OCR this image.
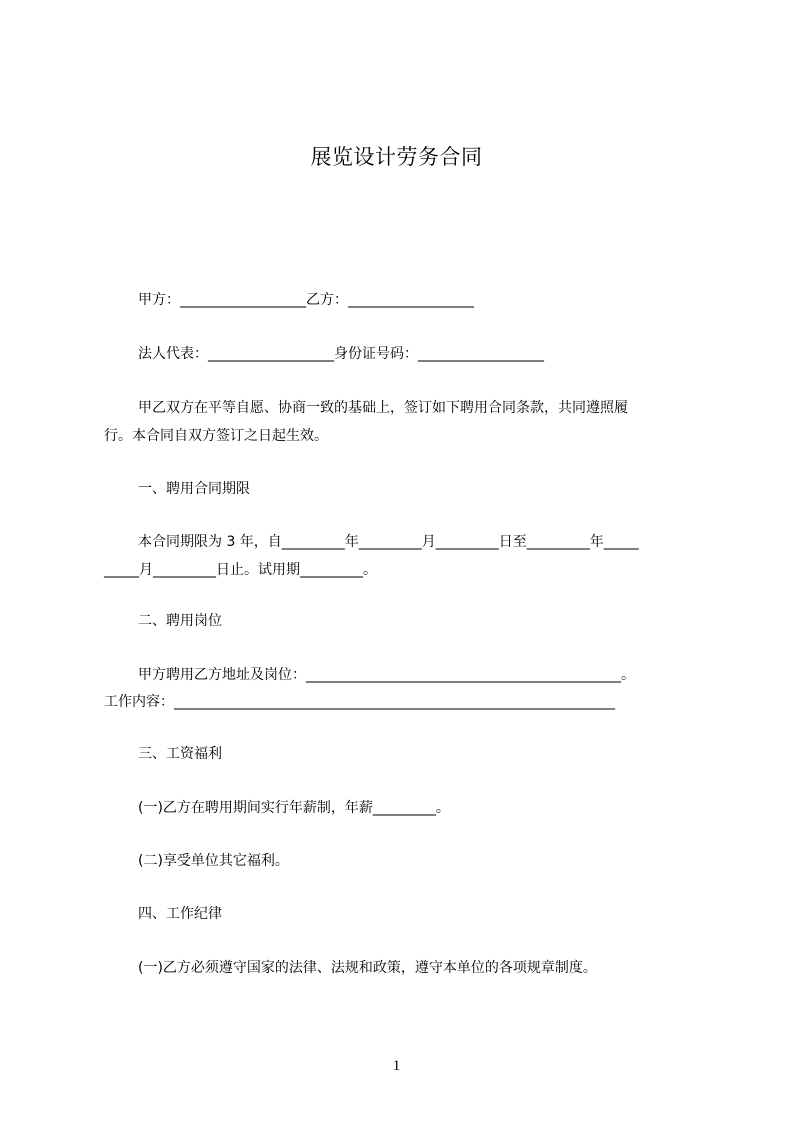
展览设计劳务合同
甲方：__________________乙方：__________________
法人代表：__________________身份证号码：__________________
甲乙双方在平等自愿、协商一致的基础上，签订如下聘用合同条款，共同遵照履
行。本合同自双方签订之日起生效。
一、聘用合同期限
本合同期限为 3 年，自_________年_________月_________日至_________年_____
_____月_________日止。试用期_________。
二、聘用岗位
甲方聘用乙方地址及岗位：_____________________________________________。
工作内容：_______________________________________________________________
三、工资福利
(一)乙方在聘用期间实行年薪制，年薪_________。
(二)享受单位其它福利。
四、工作纪律
(一)乙方必须遵守国家的法律、法规和政策，遵守本单位的各项规章制度。
1
